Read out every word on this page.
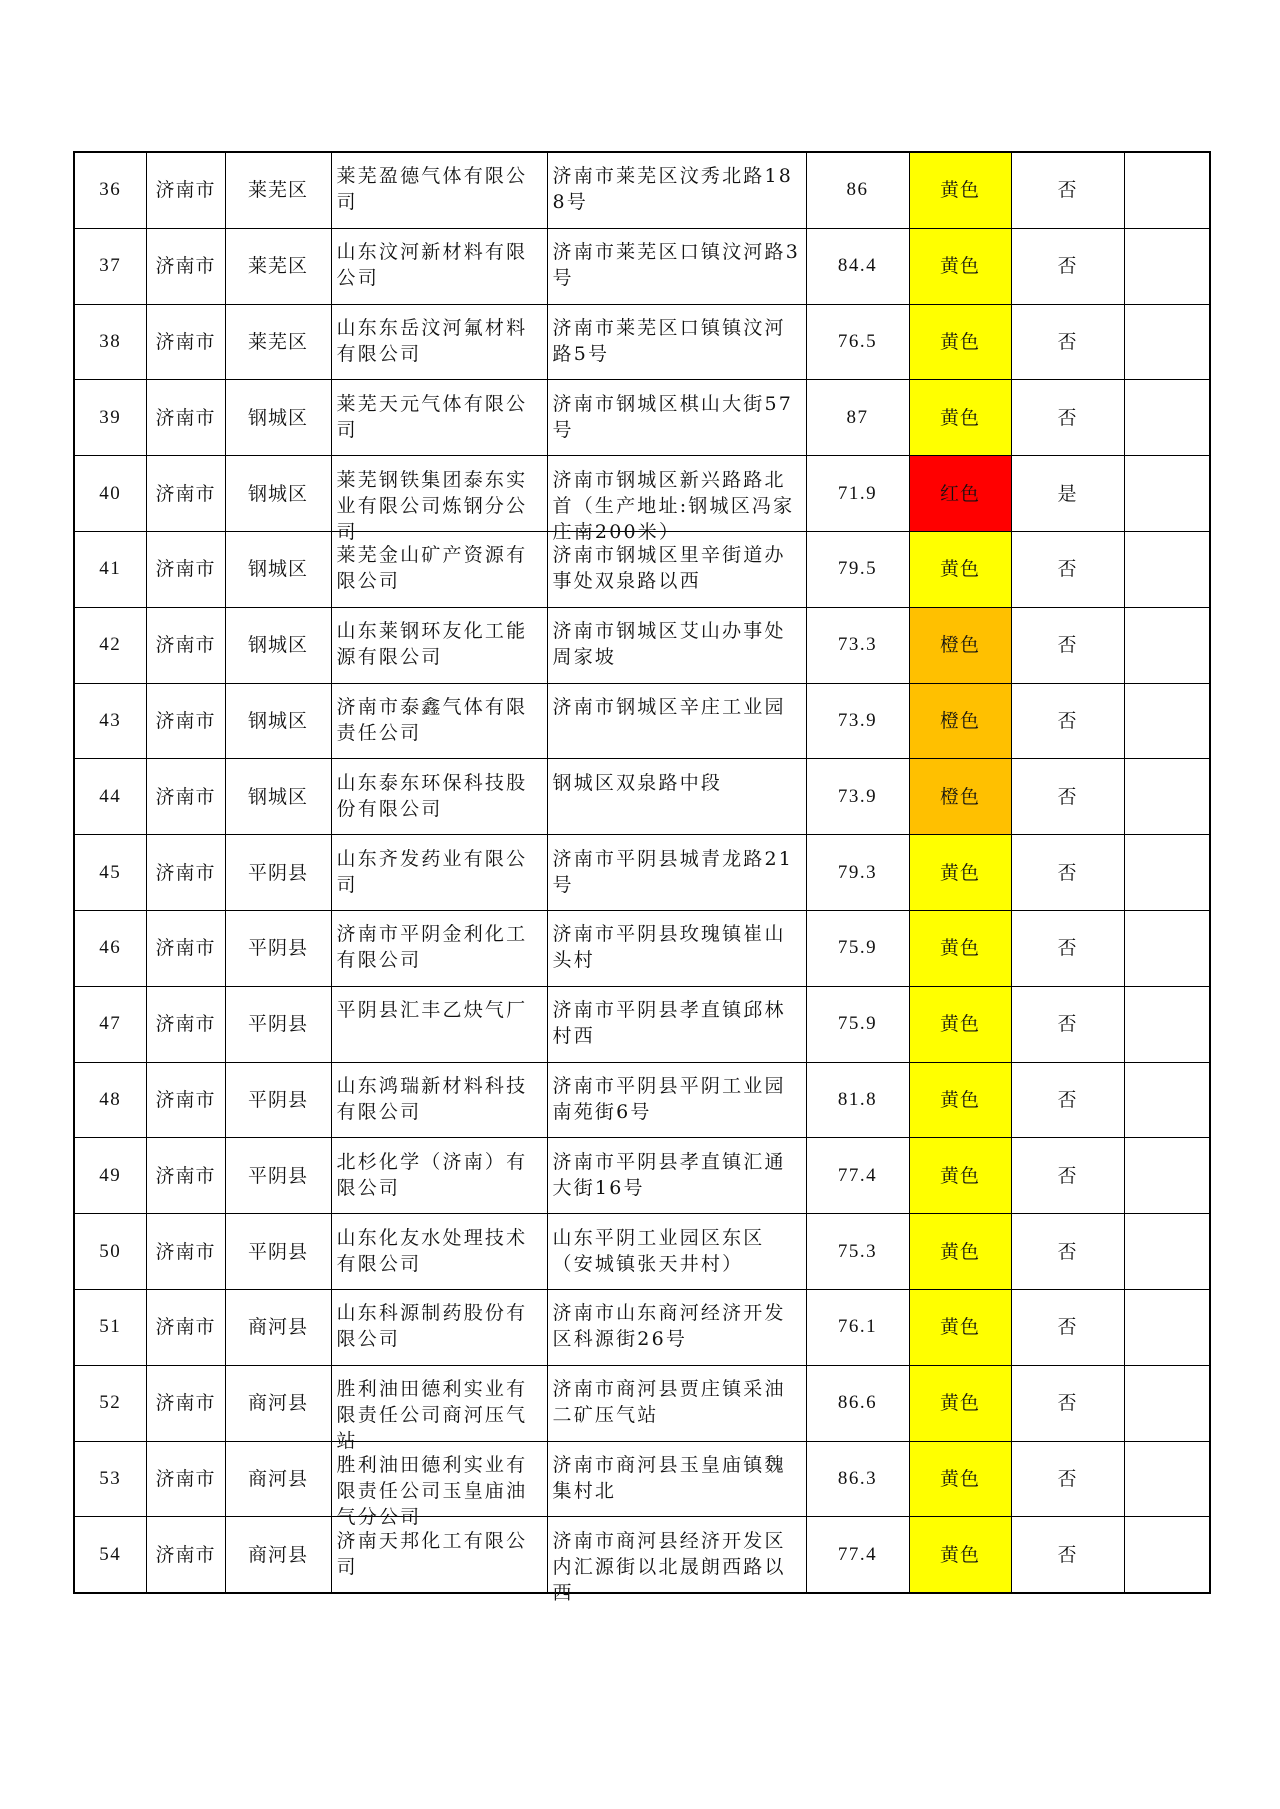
36	济南市	莱芜区	莱芜盈德气体有限公司	济南市莱芜区汶秀北路188号	86	黄色	否	
37	济南市	莱芜区	山东汶河新材料有限公司	济南市莱芜区口镇汶河路3号	84.4	黄色	否	
38	济南市	莱芜区	山东东岳汶河氟材料有限公司	济南市莱芜区口镇镇汶河路5号	76.5	黄色	否	
39	济南市	钢城区	莱芜天元气体有限公司	济南市钢城区棋山大街57号	87	黄色	否	
40	济南市	钢城区	莱芜钢铁集团泰东实业有限公司炼钢分公司	济南市钢城区新兴路路北首（生产地址:钢城区冯家庄南200米）	71.9	红色	是	
41	济南市	钢城区	莱芜金山矿产资源有限公司	济南市钢城区里辛街道办事处双泉路以西	79.5	黄色	否	
42	济南市	钢城区	山东莱钢环友化工能源有限公司	济南市钢城区艾山办事处周家坡	73.3	橙色	否	
43	济南市	钢城区	济南市泰鑫气体有限责任公司	济南市钢城区辛庄工业园	73.9	橙色	否	
44	济南市	钢城区	山东泰东环保科技股份有限公司	钢城区双泉路中段	73.9	橙色	否	
45	济南市	平阴县	山东齐发药业有限公司	济南市平阴县城青龙路21号	79.3	黄色	否	
46	济南市	平阴县	济南市平阴金利化工有限公司	济南市平阴县玫瑰镇崔山头村	75.9	黄色	否	
47	济南市	平阴县	平阴县汇丰乙炔气厂	济南市平阴县孝直镇邱林村西	75.9	黄色	否	
48	济南市	平阴县	山东鸿瑞新材料科技有限公司	济南市平阴县平阴工业园南苑街6号	81.8	黄色	否	
49	济南市	平阴县	北杉化学（济南）有限公司	济南市平阴县孝直镇汇通大街16号	77.4	黄色	否	
50	济南市	平阴县	山东化友水处理技术有限公司	山东平阴工业园区东区（安城镇张天井村）	75.3	黄色	否	
51	济南市	商河县	山东科源制药股份有限公司	济南市山东商河经济开发区科源街26号	76.1	黄色	否	
52	济南市	商河县	胜利油田德利实业有限责任公司商河压气站	济南市商河县贾庄镇采油二矿压气站	86.6	黄色	否	
53	济南市	商河县	胜利油田德利实业有限责任公司玉皇庙油气分公司	济南市商河县玉皇庙镇魏集村北	86.3	黄色	否	
54	济南市	商河县	济南天邦化工有限公司	济南市商河县经济开发区内汇源街以北晟朗西路以西	77.4	黄色	否	
